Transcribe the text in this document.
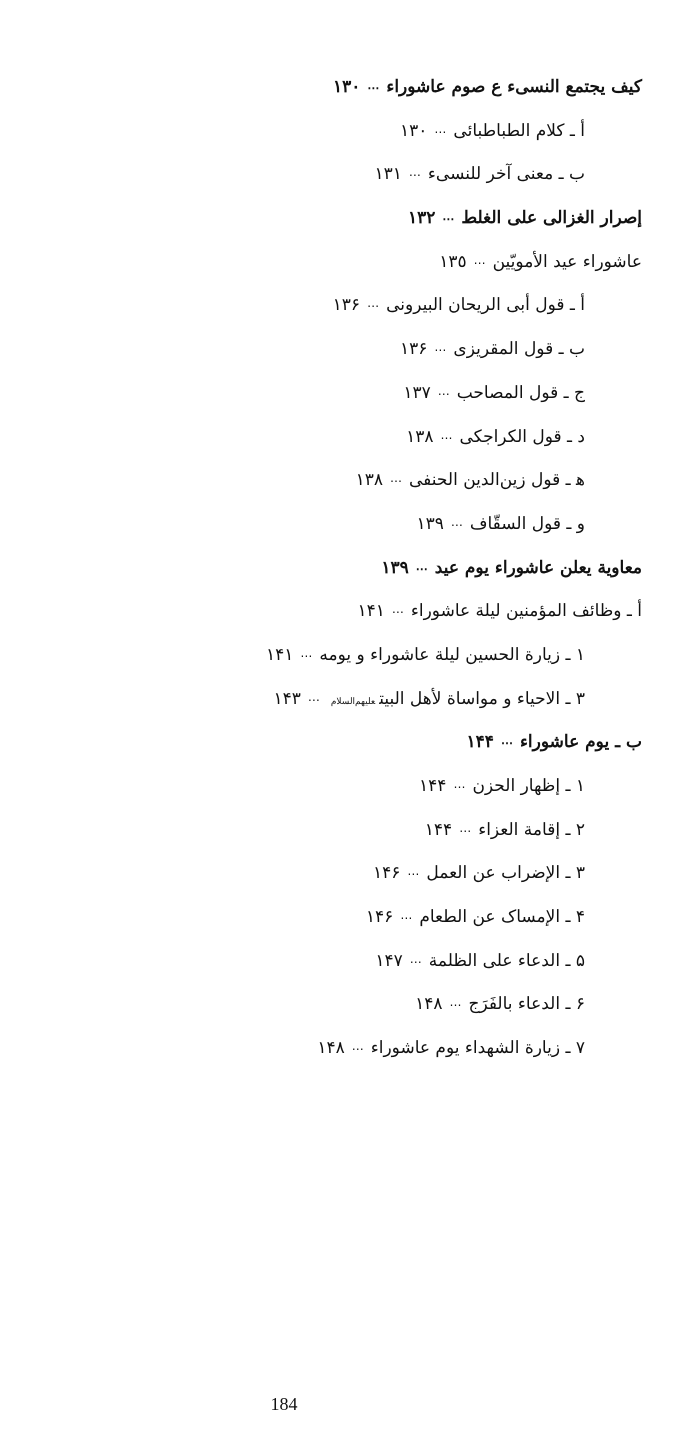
كيف يجتمع النسیء ع صوم عاشوراء⋯١٣٠
أ ـ كلام الطباطبائی⋯١٣٠
ب ـ معنی آخر للنسیء⋯١٣١
إصرار الغزالی علی الغلط⋯١٣٢
عاشوراء عيد الأمويّين⋯١٣٥
أ ـ قول أبی الريحان البيرونی⋯١٣۶
ب ـ قول المقريزی⋯١٣۶
ج ـ قول المصاحب⋯١٣٧
د ـ قول الكراجكی⋯١٣٨
ه‍ ـ قول زين‌الدين الحنفی⋯١٣٨
و ـ قول السقّاف⋯١٣٩
معاوية يعلن عاشوراء يوم عيد⋯١٣٩
أ ـ وظائف المؤمنين ليلة عاشوراء⋯١۴١
١ ـ زيارة الحسين ليلة عاشوراء و يومه⋯١۴١
٣ ـ الاحياء و مواساة لأهل البيتعليهم‌السلام⋯١۴٣
ب ـ يوم عاشوراء⋯١۴۴
١ ـ إظهار الحزن⋯١۴۴
٢ ـ إقامة العزاء⋯١۴۴
٣ ـ الإضراب عن العمل⋯١۴۶
۴ ـ الإمساک عن الطعام⋯١۴۶
۵ ـ الدعاء علی الظلمة⋯١۴٧
۶ ـ الدعاء بالفَرَج⋯١۴٨
٧ ـ زيارة الشهداء يوم عاشوراء⋯١۴٨
184
